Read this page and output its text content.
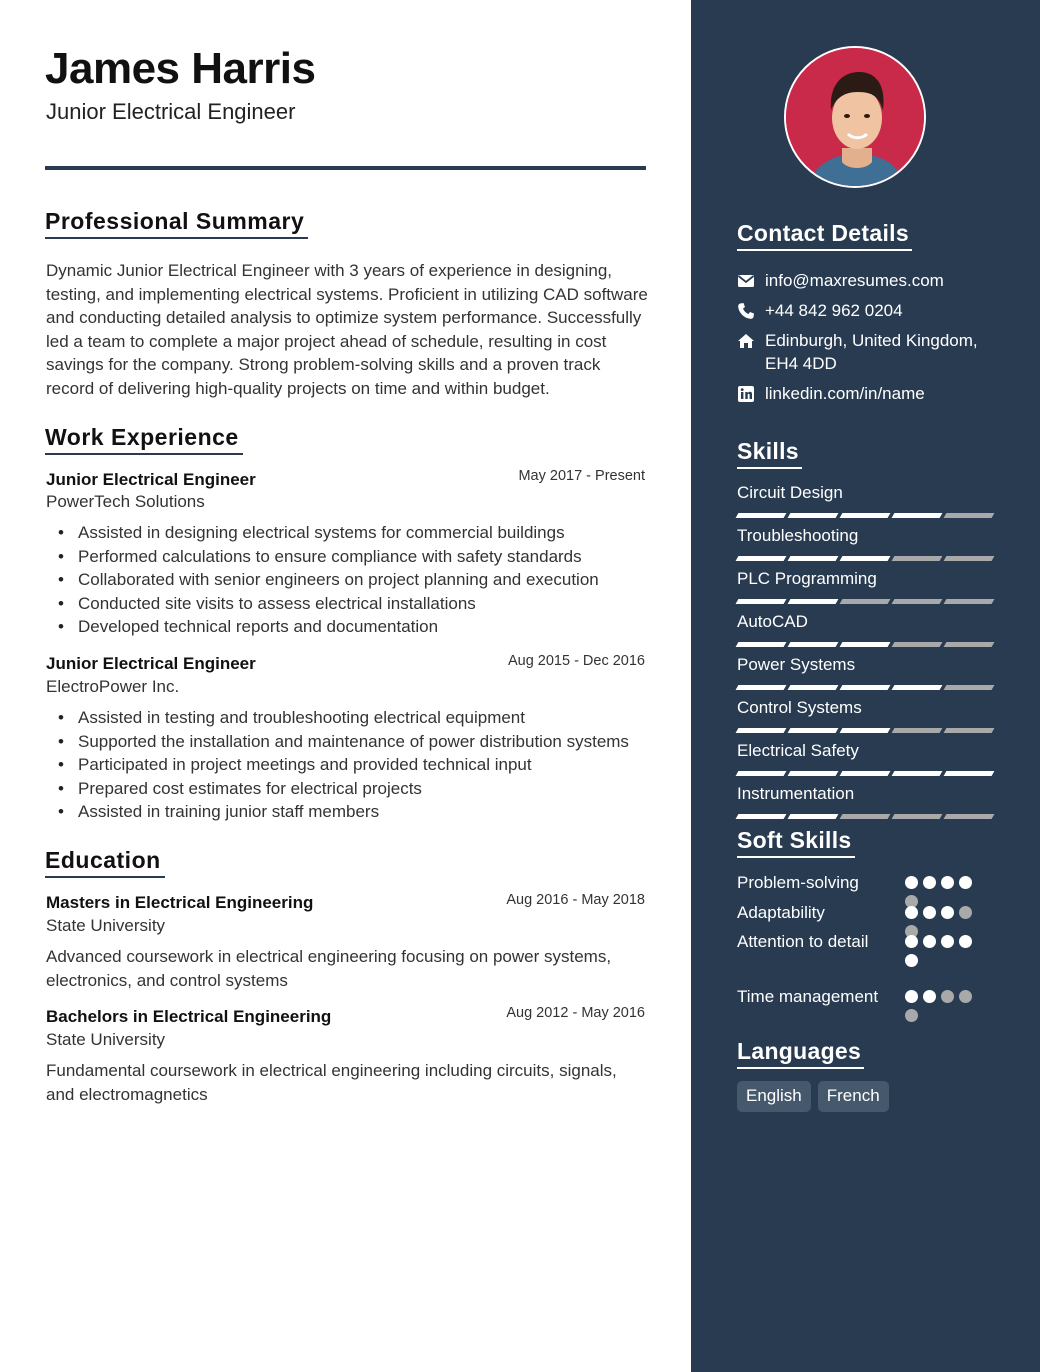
James Harris
Junior Electrical Engineer
Professional Summary
Dynamic Junior Electrical Engineer with 3 years of experience in designing, testing, and implementing electrical systems. Proficient in utilizing CAD software and conducting detailed analysis to optimize system performance. Successfully led a team to complete a major project ahead of schedule, resulting in cost savings for the company. Strong problem-solving skills and a proven track record of delivering high-quality projects on time and within budget.
Work Experience
Junior Electrical Engineer	May 2017 - Present
PowerTech Solutions
• Assisted in designing electrical systems for commercial buildings
• Performed calculations to ensure compliance with safety standards
• Collaborated with senior engineers on project planning and execution
• Conducted site visits to assess electrical installations
• Developed technical reports and documentation
Junior Electrical Engineer	Aug 2015 - Dec 2016
ElectroPower Inc.
• Assisted in testing and troubleshooting electrical equipment
• Supported the installation and maintenance of power distribution systems
• Participated in project meetings and provided technical input
• Prepared cost estimates for electrical projects
• Assisted in training junior staff members
Education
Masters in Electrical Engineering	Aug 2016 - May 2018
State University
Advanced coursework in electrical engineering focusing on power systems, electronics, and control systems
Bachelors in Electrical Engineering	Aug 2012 - May 2016
State University
Fundamental coursework in electrical engineering including circuits, signals, and electromagnetics
Contact Details
info@maxresumes.com
+44 842 962 0204
Edinburgh, United Kingdom, EH4 4DD
linkedin.com/in/name
Skills
Circuit Design
Troubleshooting
PLC Programming
AutoCAD
Power Systems
Control Systems
Electrical Safety
Instrumentation
Soft Skills
Problem-solving
Adaptability
Attention to detail
Time management
Languages
English	French
